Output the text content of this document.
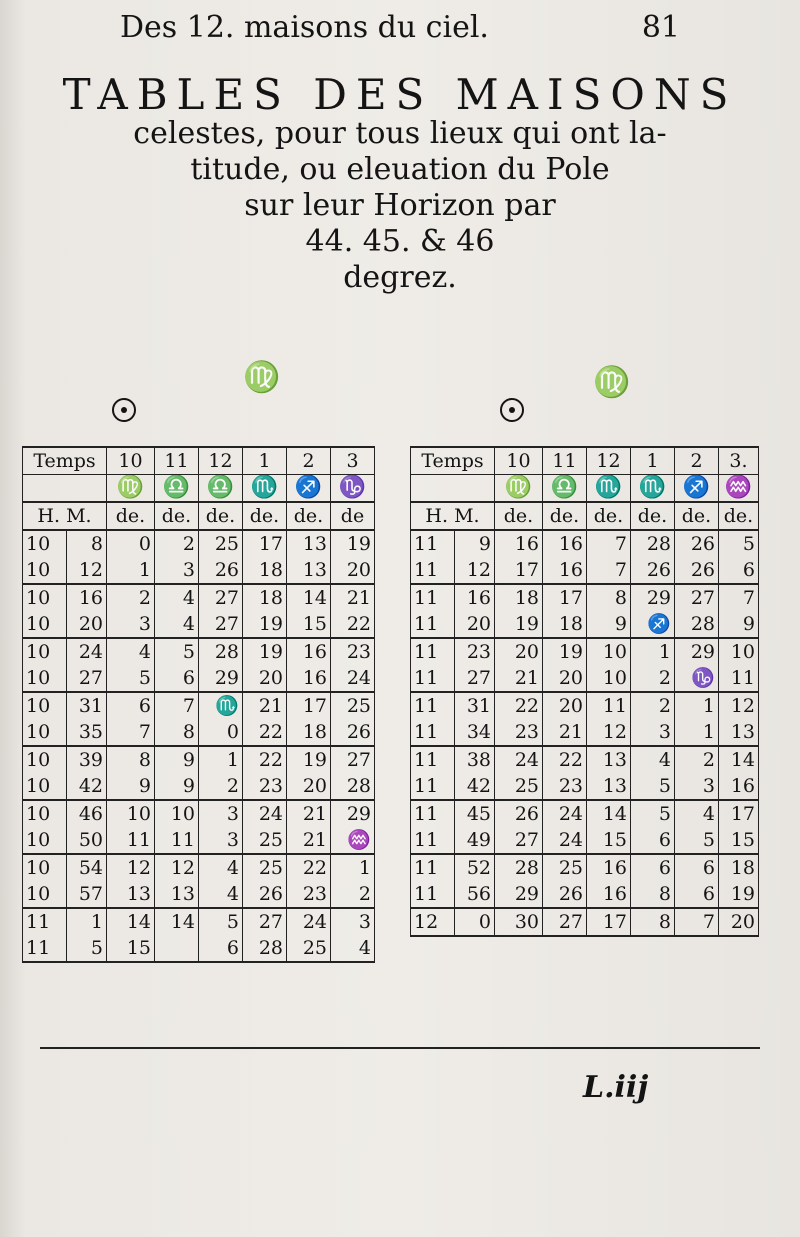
Des 12. maisons du ciel.	81
TABLES DES MAISONS
celestes, pour tous lieux qui ont la-
titude, ou eleuation du Pole
sur leur Horizon par
44. 45. & 46
degrez.
♍	♍
Temps		10	11	12	1	2	3
		♍	♎	♎	♏	♐	♑
H. M.		de.	de.	de.	de.	de.	de
10	8	0	2	25	17	13	19
10	12	1	3	26	18	13	20
10	16	2	4	27	18	14	21
10	20	3	4	27	19	15	22
10	24	4	5	28	19	16	23
10	27	5	6	29	20	16	24
10	31	6	7	♏	21	17	25
10	35	7	8	0	22	18	26
10	39	8	9	1	22	19	27
10	42	9	9	2	23	20	28
10	46	10	10	3	24	21	29
10	50	11	11	3	25	21	♒
10	54	12	12	4	25	22	1
10	57	13	13	4	26	23	2
11	1	14	14	5	27	24	3
11	5	15		6	28	25	4
Temps		10	11	12	1	2	3.
		♍	♎	♏	♏	♐	♒
H. M.		de.	de.	de.	de.	de.	de.
11	9	16	16	7	28	26	5
11	12	17	16	7	26	26	6
11	16	18	17	8	29	27	7
11	20	19	18	9	♐	28	9
11	23	20	19	10	1	29	10
11	27	21	20	10	2	♑	11
11	31	22	20	11	2	1	12
11	34	23	21	12	3	1	13
11	38	24	22	13	4	2	14
11	42	25	23	13	5	3	16
11	45	26	24	14	5	4	17
11	49	27	24	15	6	5	15
11	52	28	25	16	6	6	18
11	56	29	26	16	8	6	19
12	0	30	27	17	8	7	20
L.iij
